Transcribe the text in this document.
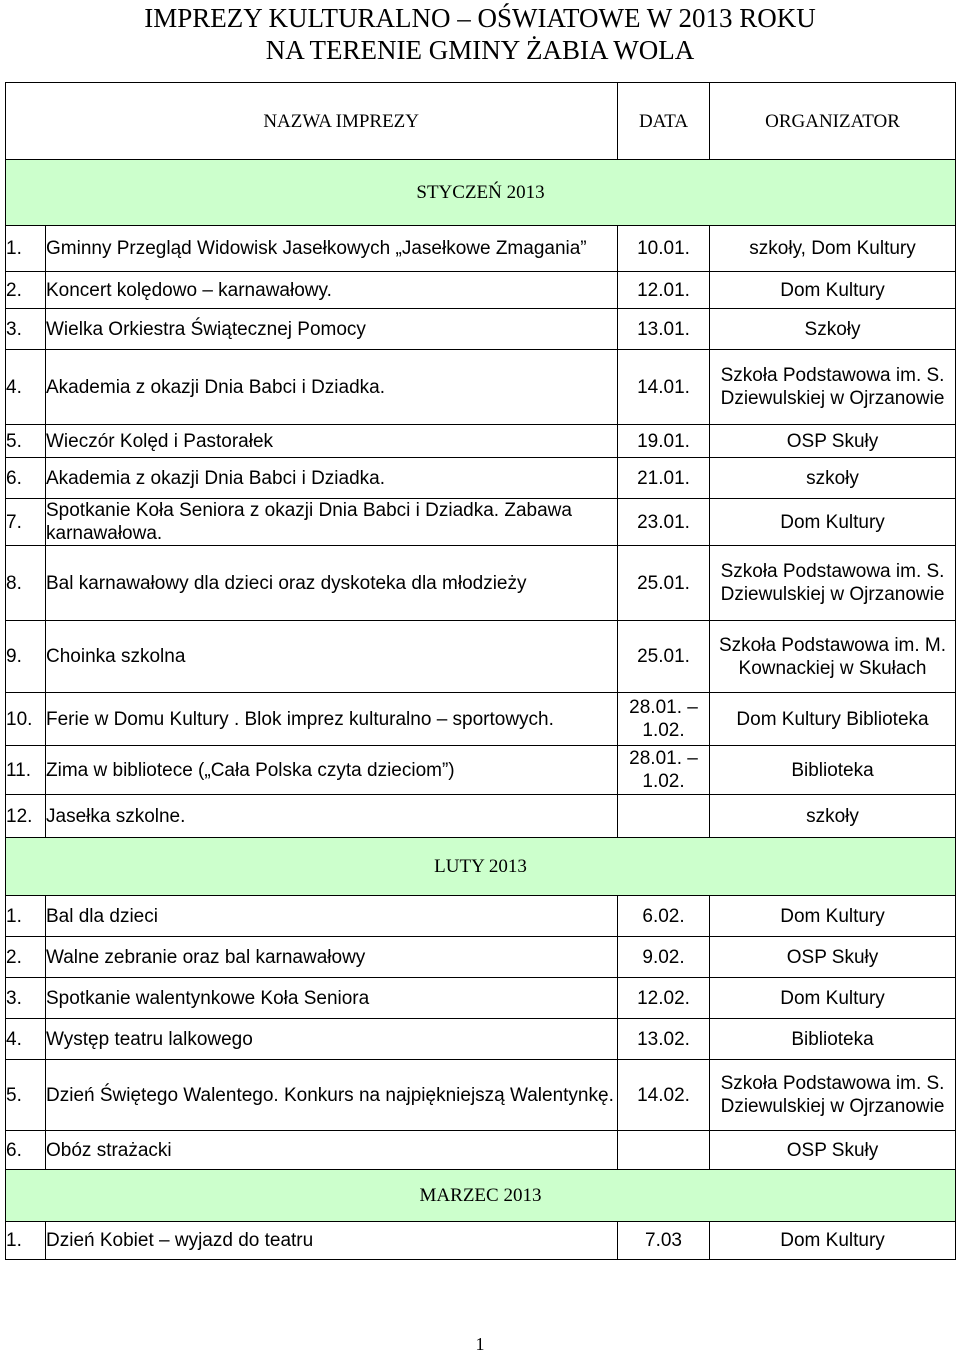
IMPREZY KULTURALNO – OŚWIATOWE W 2013 ROKU
NA TERENIE GMINY ŻABIA WOLA
NAZWA IMPREZY		DATA	ORGANIZATOR
STYCZEŃ 2013			
1.	Gminny Przegląd Widowisk Jasełkowych „Jasełkowe Zmagania”	10.01.	szkoły, Dom Kultury
2.	Koncert kolędowo – karnawałowy.	12.01.	Dom Kultury
3.	Wielka Orkiestra Świątecznej Pomocy	13.01.	Szkoły
4.	Akademia z okazji Dnia Babci i Dziadka.	14.01.	Szkoła Podstawowa im. S. Dziewulskiej w Ojrzanowie
5.	Wieczór Kolęd i Pastorałek	19.01.	OSP Skuły
6.	Akademia z okazji Dnia Babci i Dziadka.	21.01.	szkoły
7.	Spotkanie Koła Seniora z okazji Dnia Babci i Dziadka. Zabawa karnawałowa.	23.01.	Dom Kultury
8.	Bal karnawałowy dla dzieci oraz dyskoteka dla młodzieży	25.01.	Szkoła Podstawowa im. S. Dziewulskiej w Ojrzanowie
9.	Choinka szkolna	25.01.	Szkoła Podstawowa im. M. Kownackiej w Skułach
10.	Ferie w Domu Kultury . Blok imprez kulturalno – sportowych.	28.01. – 1.02.	Dom Kultury Biblioteka
11.	Zima w bibliotece („Cała Polska czyta dzieciom”)	28.01. – 1.02.	Biblioteka
12.	Jasełka szkolne.		szkoły
LUTY 2013			
1.	Bal dla dzieci	6.02.	Dom Kultury
2.	Walne zebranie oraz bal karnawałowy	9.02.	OSP Skuły
3.	Spotkanie walentynkowe Koła Seniora	12.02.	Dom Kultury
4.	Występ teatru lalkowego	13.02.	Biblioteka
5.	Dzień Świętego Walentego. Konkurs na najpiękniejszą Walentynkę.	14.02.	Szkoła Podstawowa im. S. Dziewulskiej w Ojrzanowie
6.	Obóz strażacki		OSP Skuły
MARZEC 2013			
1.	Dzień Kobiet – wyjazd do teatru	7.03	Dom Kultury
1
